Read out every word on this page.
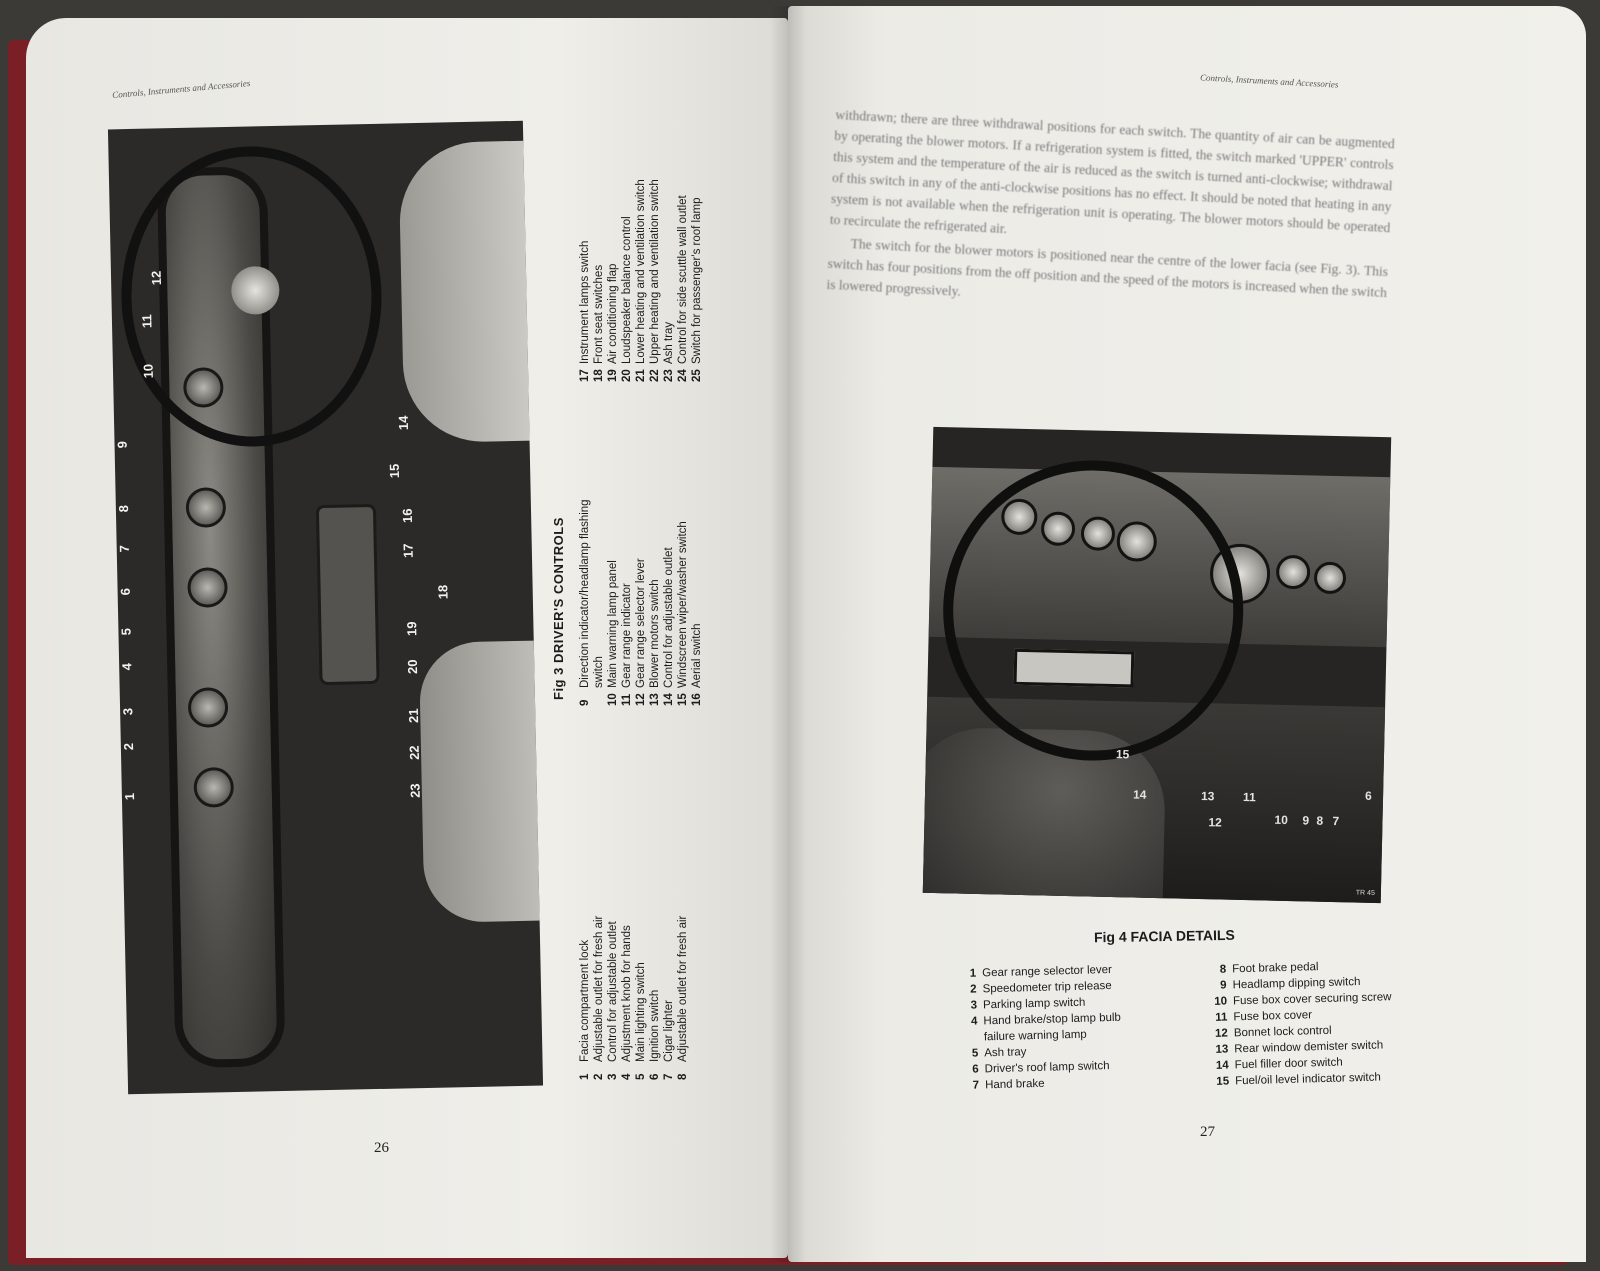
Controls, Instruments and Accessories	Controls, Instruments and Accessories
1
2
3
4
5
6
7
8
9
10
11
12
14
15
16
17
18
19
20
21
22
23
Fig 3 DRIVER'S CONTROLS
1Facia compartment lock
2Adjustable outlet for fresh air
3Control for adjustable outlet
4Adjustment knob for hands
5Main lighting switch
6Ignition switch
7Cigar lighter
8Adjustable outlet for fresh air
9Direction indicator/headlamp flashing switch
10Main warning lamp panel
11Gear range indicator
12Gear range selector lever
13Blower motors switch
14Control for adjustable outlet
15Windscreen wiper/washer switch
16Aerial switch
17Instrument lamps switch
18Front seat switches
19Air conditioning flap
20Loudspeaker balance control
21Lower heating and ventilation switch
22Upper heating and ventilation switch
23Ash tray
24Control for side scuttle wall outlet
25Switch for passenger's roof lamp
26

withdrawn; there are three withdrawal positions for each switch. The quantity of air can be augmented by operating the blower motors. If a refrigeration system is fitted, the switch marked 'UPPER' controls this system and the temperature of the air is reduced as the switch is turned anti-clockwise; withdrawal of this switch in any of the anti-clockwise positions has no effect. It should be noted that heating in any system is not available when the refrigeration unit is operating. The blower motors should be operated to recirculate the refrigerated air.

The switch for the blower motors is positioned near the centre of the lower facia (see Fig. 3). This switch has four positions from the off position and the speed of the motors is increased when the switch is lowered progressively.

15
14	13 11
12	10 9 8 7
6
TR 45
Fig 4 FACIA DETAILS
1 Gear range selector lever
2 Speedometer trip release
3 Parking lamp switch
4 Hand brake/stop lamp bulb
failure warning lamp
5 Ash tray
6 Driver's roof lamp switch
7 Hand brake
8 Foot brake pedal
9 Headlamp dipping switch
10 Fuse box cover securing screw
11 Fuse box cover
12 Bonnet lock control
13 Rear window demister switch
14 Fuel filler door switch
15 Fuel/oil level indicator switch
27
